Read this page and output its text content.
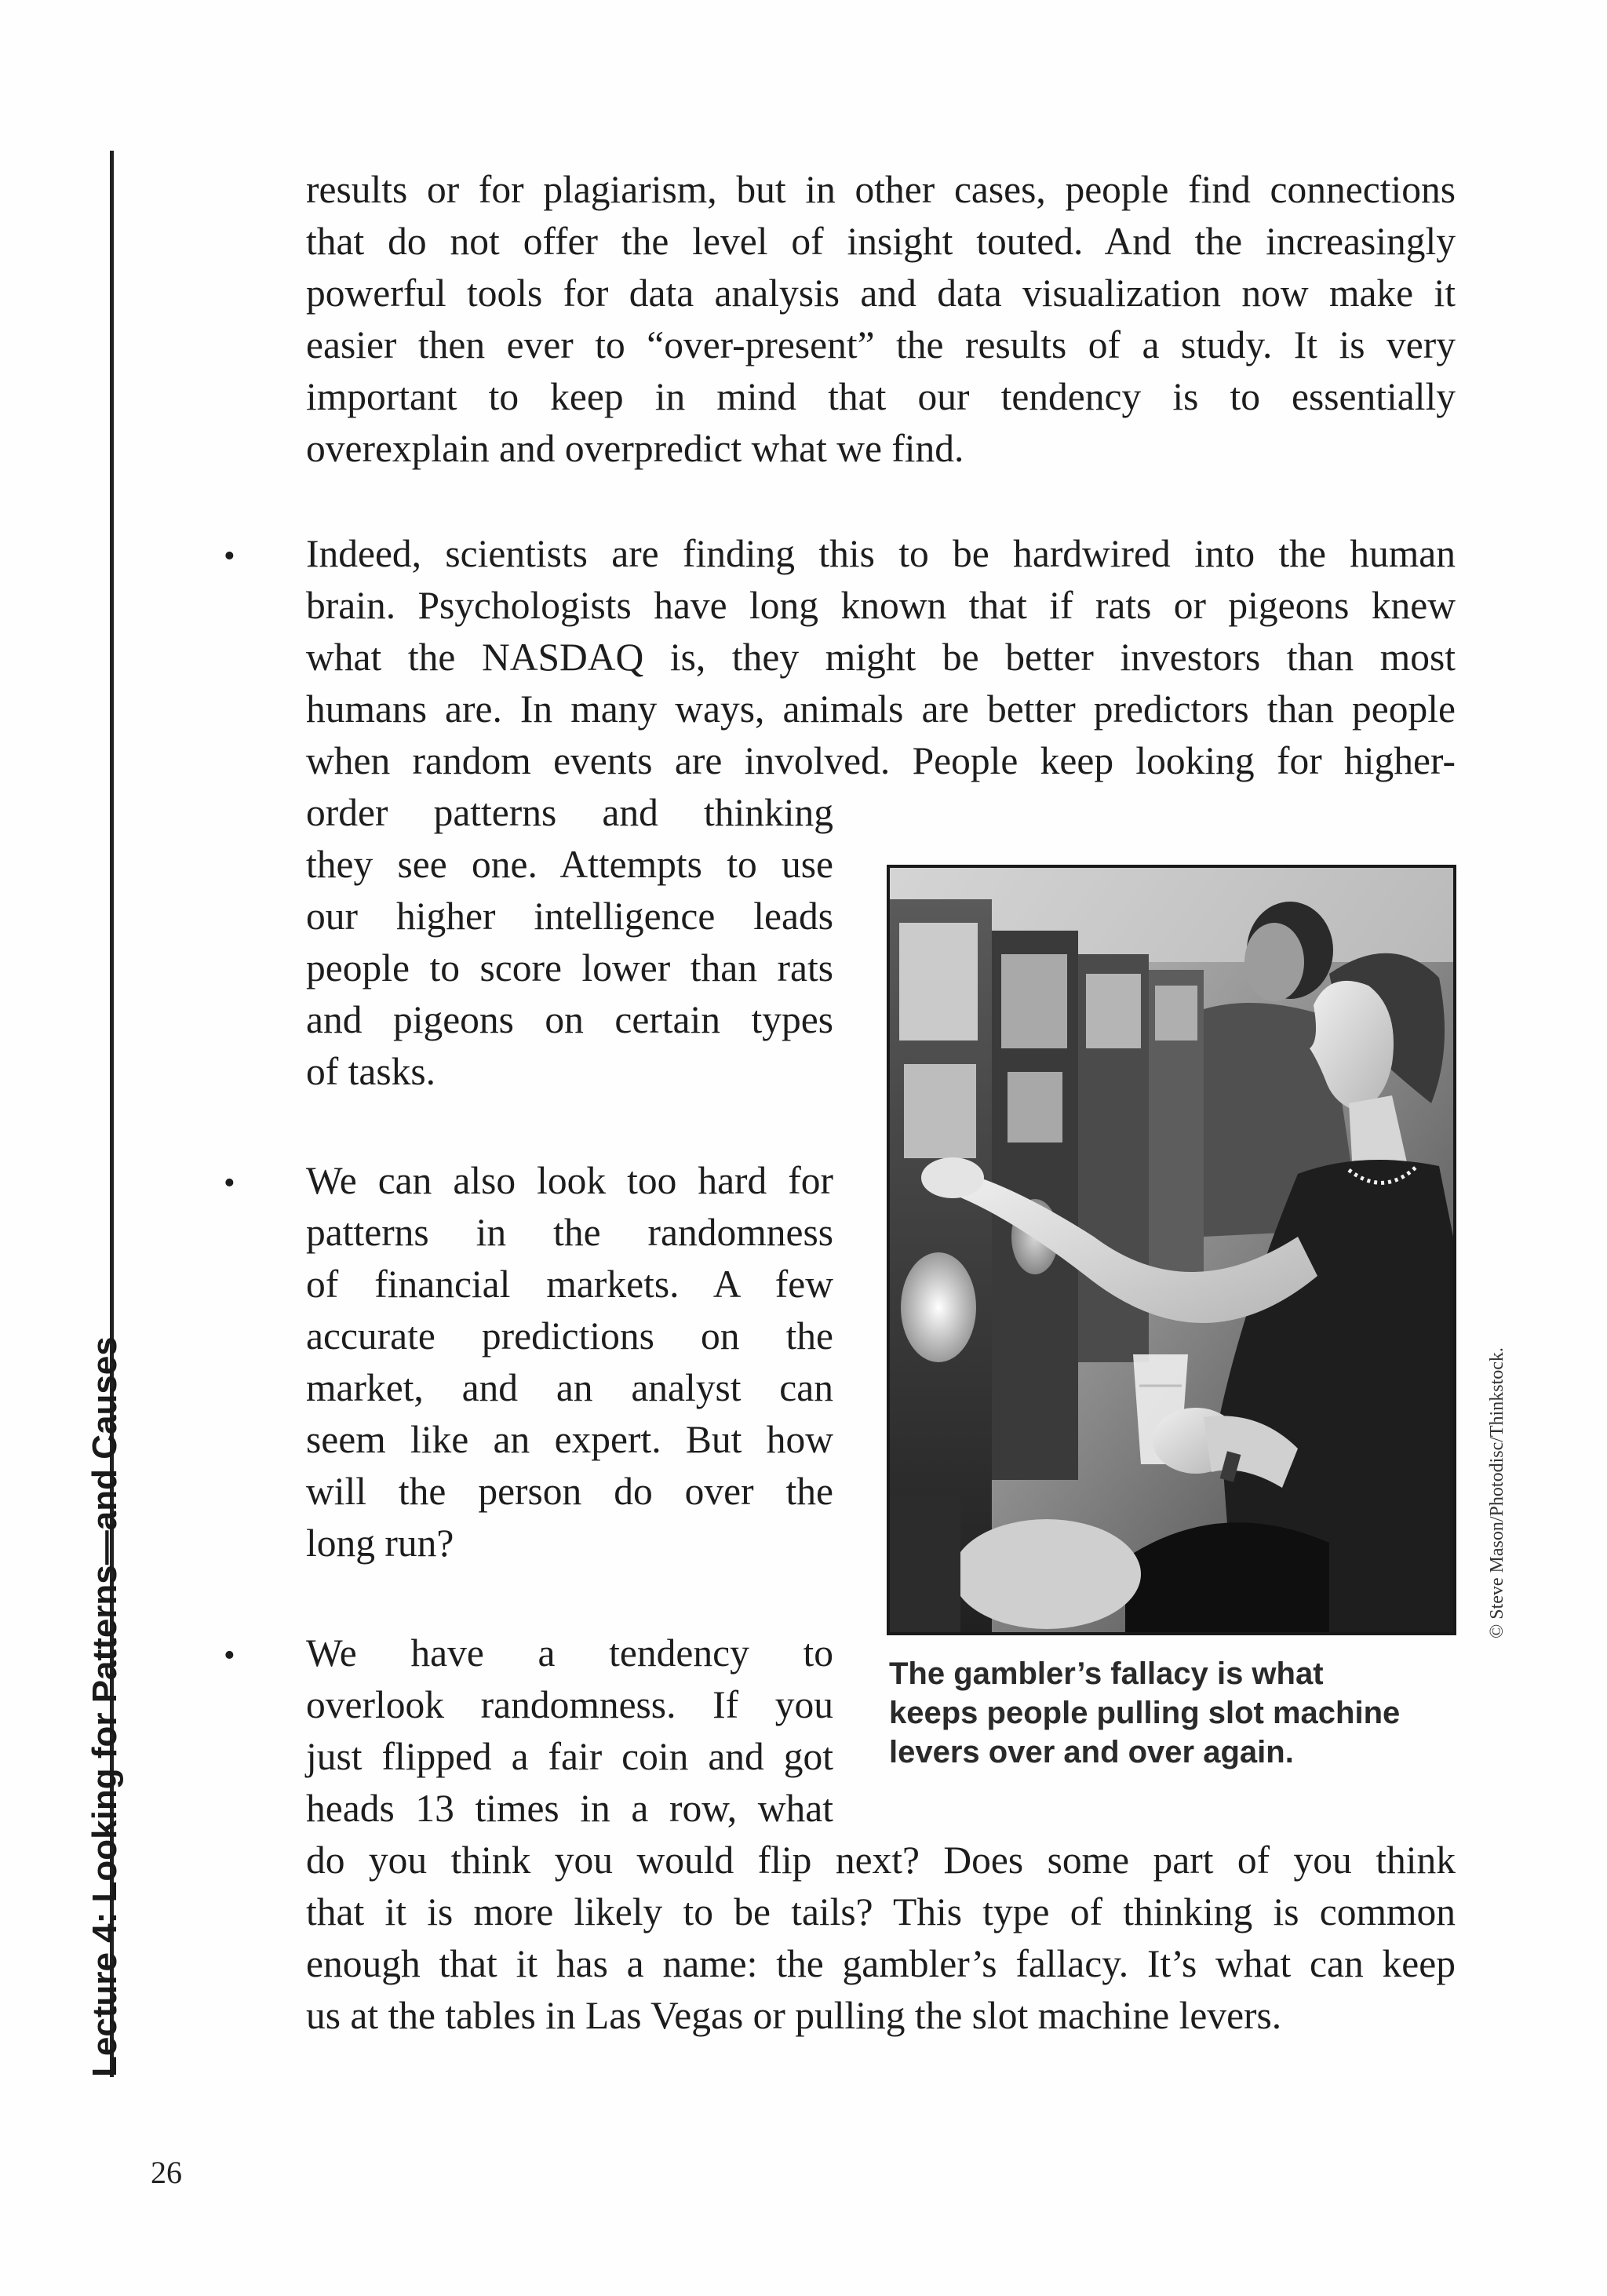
Lecture 4: Looking for Patterns—and Causes
results or for plagiarism, but in other cases, people find connections
that do not offer the level of insight touted. And the increasingly
powerful tools for data analysis and data visualization now make it
easier then ever to “over-present” the results of a study. It is very
important to keep in mind that our tendency is to essentially
overexplain and overpredict what we find.
• Indeed, scientists are finding this to be hardwired into the human
brain. Psychologists have long known that if rats or pigeons knew
what the NASDAQ is, they might be better investors than most
humans are. In many ways, animals are better predictors than people
when random events are involved. People keep looking for higher-
order patterns and thinking
they see one. Attempts to use
our higher intelligence leads
people to score lower than rats
and pigeons on certain types
of tasks.
• We can also look too hard for
patterns in the randomness
of financial markets. A few
accurate predictions on the
market, and an analyst can
seem like an expert. But how
will the person do over the
long run?
• We have a tendency to
overlook randomness. If you
just flipped a fair coin and got
heads 13 times in a row, what
do you think you would flip next? Does some part of you think
that it is more likely to be tails? This type of thinking is common
enough that it has a name: the gambler’s fallacy. It’s what can keep
us at the tables in Las Vegas or pulling the slot machine levers.
© Steve Mason/Photodisc/Thinkstock.
The gambler’s fallacy is what
keeps people pulling slot machine
levers over and over again.
26
